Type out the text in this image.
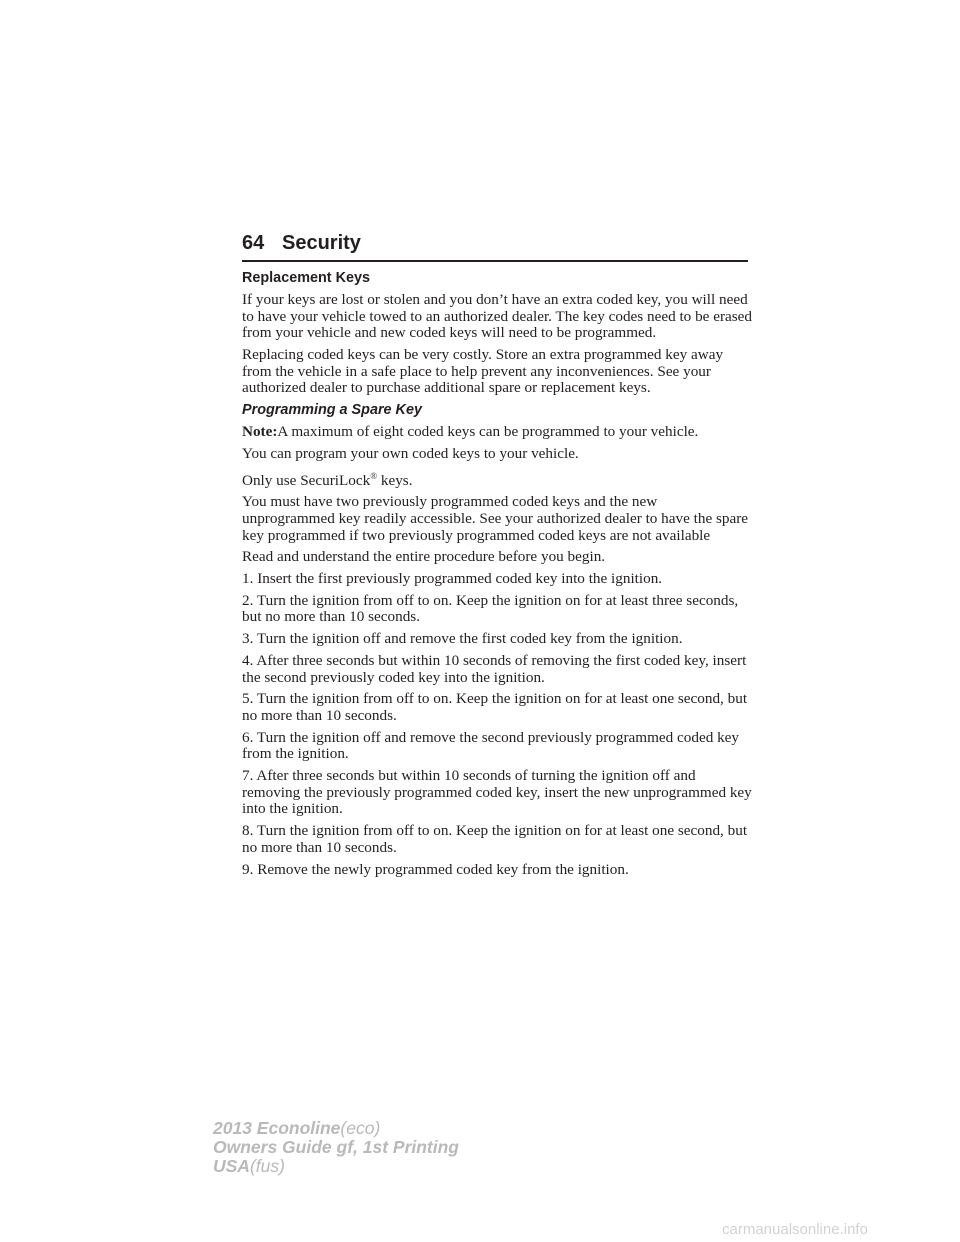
64 Security
Replacement Keys

If your keys are lost or stolen and you don’t have an extra coded key, you will need to have your vehicle towed to an authorized dealer. The key codes need to be erased from your vehicle and new coded keys will need to be programmed.

Replacing coded keys can be very costly. Store an extra programmed key away from the vehicle in a safe place to help prevent any inconveniences. See your authorized dealer to purchase additional spare or replacement keys.

Programming a Spare Key

Note:A maximum of eight coded keys can be programmed to your vehicle.

You can program your own coded keys to your vehicle.

Only use SecuriLock® keys.

You must have two previously programmed coded keys and the new unprogrammed key readily accessible. See your authorized dealer to have the spare key programmed if two previously programmed coded keys are not available

Read and understand the entire procedure before you begin.

1. Insert the first previously programmed coded key into the ignition.

2. Turn the ignition from off to on. Keep the ignition on for at least three seconds, but no more than 10 seconds.

3. Turn the ignition off and remove the first coded key from the ignition.

4. After three seconds but within 10 seconds of removing the first coded key, insert the second previously coded key into the ignition.

5. Turn the ignition from off to on. Keep the ignition on for at least one second, but no more than 10 seconds.

6. Turn the ignition off and remove the second previously programmed coded key from the ignition.

7. After three seconds but within 10 seconds of turning the ignition off and removing the previously programmed coded key, insert the new unprogrammed key into the ignition.

8. Turn the ignition from off to on. Keep the ignition on for at least one second, but no more than 10 seconds.

9. Remove the newly programmed coded key from the ignition.

2013 Econoline(eco)
Owners Guide gf, 1st Printing
USA(fus)
carmanualsonline.info
